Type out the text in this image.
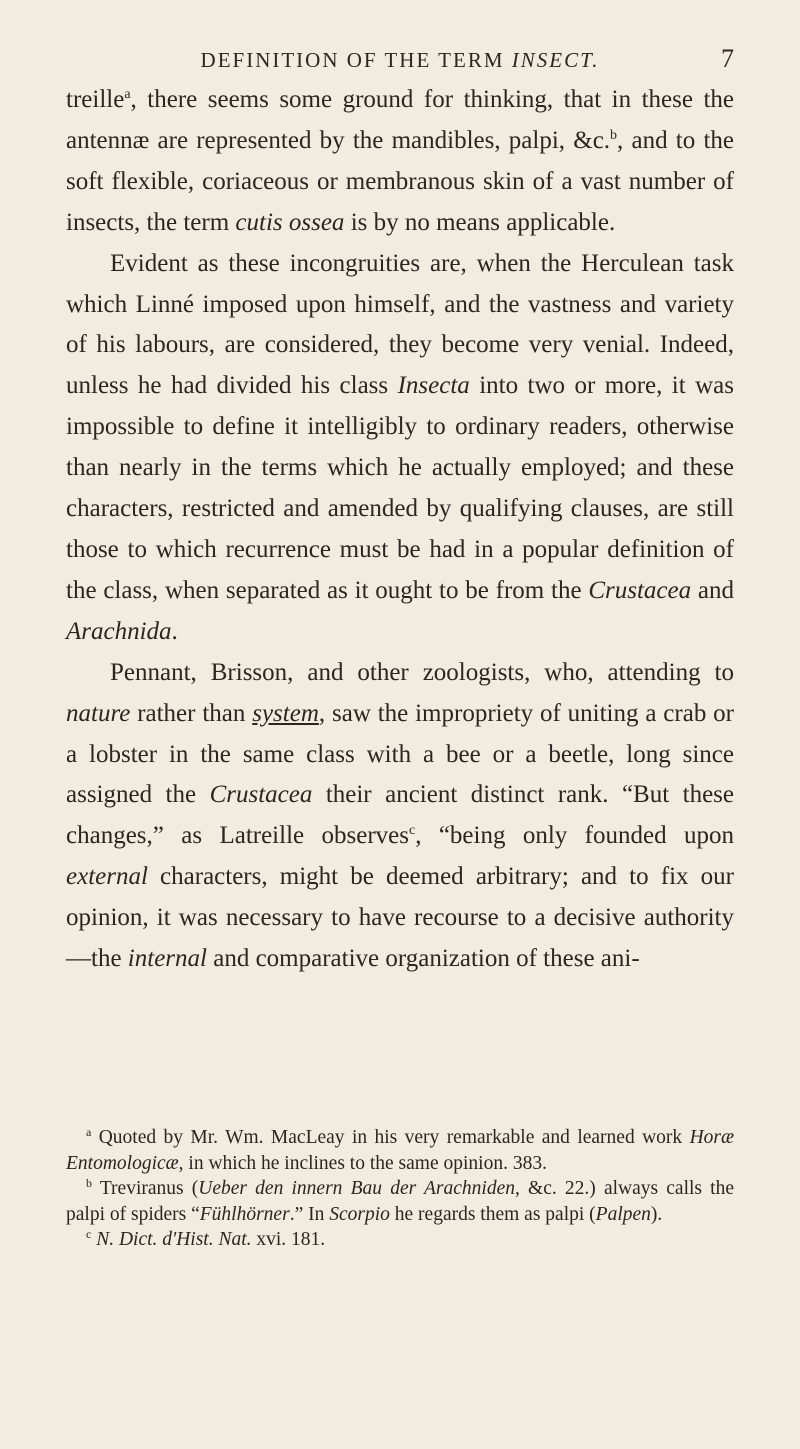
DEFINITION OF THE TERM INSECT.	7

treille$^a$, there seems some ground for thinking, that in these the antennæ are represented by the mandibles, palpi, &c.$^b$, and to the soft flexible, coriaceous or membranous skin of a vast number of insects, the term cutis ossea is by no means applicable.

Evident as these incongruities are, when the Herculean task which Linné imposed upon himself, and the vastness and variety of his labours, are considered, they become very venial. Indeed, unless he had divided his class Insecta into two or more, it was impossible to define it intelligibly to ordinary readers, otherwise than nearly in the terms which he actually employed; and these characters, restricted and amended by qualifying clauses, are still those to which recurrence must be had in a popular definition of the class, when separated as it ought to be from the Crustacea and Arachnida.

Pennant, Brisson, and other zoologists, who, attending to nature rather than system, saw the impropriety of uniting a crab or a lobster in the same class with a bee or a beetle, long since assigned the Crustacea their ancient distinct rank. “But these changes,” as Latreille observes$^c$, “being only founded upon external characters, might be deemed arbitrary; and to fix our opinion, it was necessary to have recourse to a decisive authority—the internal and comparative organization of these ani-

$^a$ Quoted by Mr. Wm. MacLeay in his very remarkable and learned work Horæ Entomologicæ, in which he inclines to the same opinion. 383.

$^b$ Treviranus (Ueber den innern Bau der Arachniden, &c. 22.) always calls the palpi of spiders “Fühlhörner.” In Scorpio he regards them as palpi (Palpen).

$^c$ N. Dict. d'Hist. Nat. xvi. 181.
